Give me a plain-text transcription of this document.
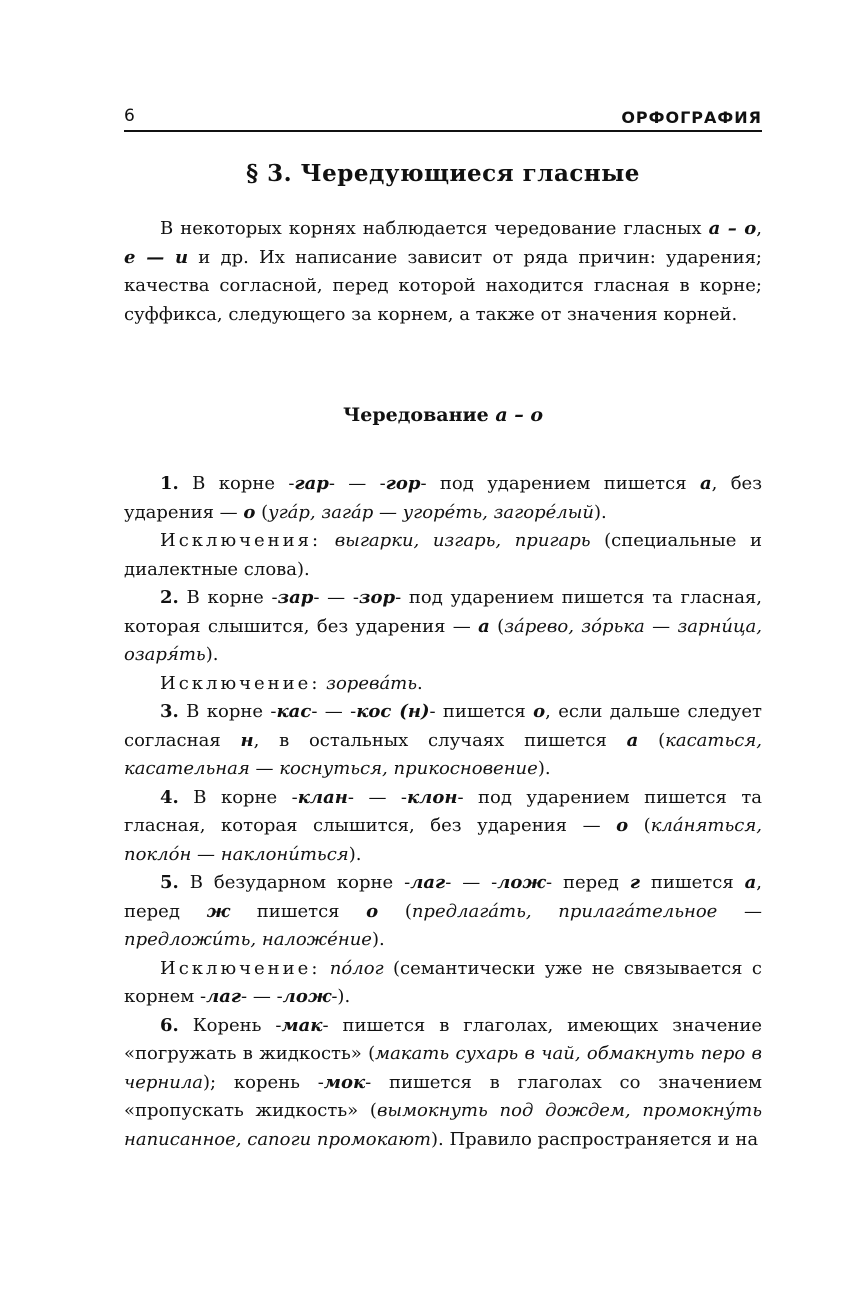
6	ОРФОГРАФИЯ
§ 3. Чередующиеся гласные

В некоторых корнях наблюдается чередование гласных а – о, е — и и др. Их написание зависит от ряда причин: ударения; качества согласной, перед которой находится гласная в корне; суффикса, следующего за корнем, а также от значения корней.

Чередование а – о

1. В корне -гар- — -гор- под ударением пишется а, без ударения — о (угáр, загáр — угорéть, загорéлый).

Исключения: выгарки, изгарь, пригарь (специальные и диалектные слова).

2. В корне -зар- — -зор- под ударением пишется та гласная, которая слышится, без ударения — а (зáрево, зóрька — зарни́ца, озаря́ть).

Исключение: зоревáть.

3. В корне -кас- — -кос (н)- пишется о, если дальше следует согласная н, в остальных случаях пишется а (касаться, касательная — коснуться, прикосновение).

4. В корне -клан- — -клон- под ударением пишется та гласная, которая слышится, без ударения — о (клáняться, поклóн — наклони́ться).

5. В безударном корне -лаг- — -лож- перед г пишется а, перед ж пишется о (предлагáть, прилагáтельное — предложи́ть, наложéние).

Исключение: пóлог (семантически уже не связывается с корнем -лаг- — -лож-).

6. Корень -мак- пишется в глаголах, имеющих значение «погружать в жидкость» (макать сухарь в чай, обмакнуть перо в чернила); корень -мок- пишется в глаголах со значением «пропускать жидкость» (вымокнуть под дождем, промокну́ть написанное, сапоги промокают). Правило распространяется и на
